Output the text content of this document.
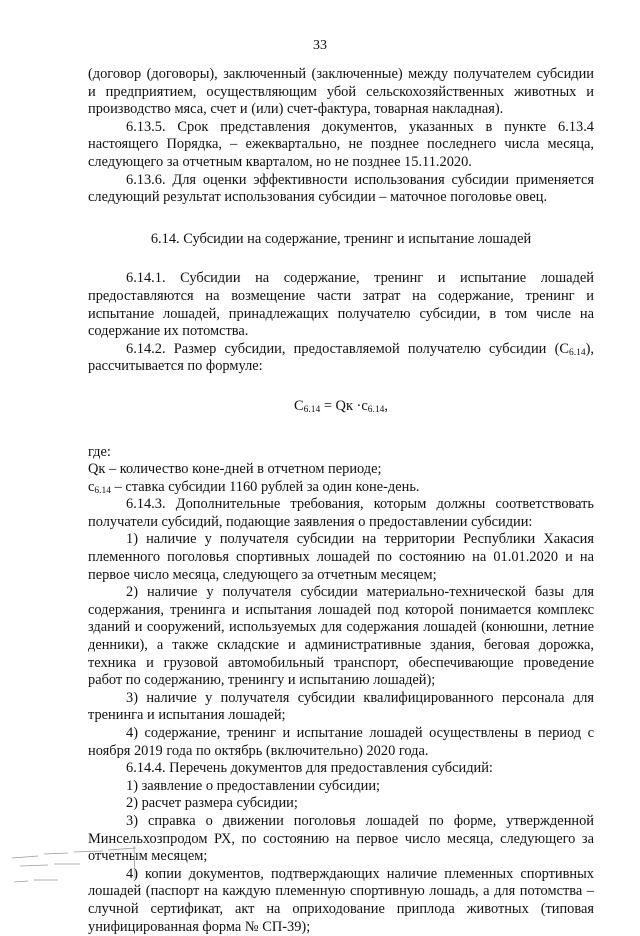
33

(договор (договоры), заключенный (заключенные) между получателем субсидии и предприятием, осуществляющим убой сельскохозяйственных животных и производство мяса, счет и (или) счет-фактура, товарная накладная).

6.13.5. Срок представления документов, указанных в пункте 6.13.4 настоящего Порядка, – ежеквартально, не позднее последнего числа месяца, следующего за отчетным кварталом, но не позднее 15.11.2020.

6.13.6. Для оценки эффективности использования субсидии применяется следующий результат использования субсидии – маточное поголовье овец.

6.14. Субсидии на содержание, тренинг и испытание лошадей

6.14.1. Субсидии на содержание, тренинг и испытание лошадей предоставляются на возмещение части затрат на содержание, тренинг и испытание лошадей, принадлежащих получателю субсидии, в том числе на содержание их потомства.

6.14.2. Размер субсидии, предоставляемой получателю субсидии $(С_{6.14})$, рассчитывается по формуле:

$С_{6.14}$ = Qк $\cdot с_{6.14}$,

где:

Qк – количество коне-дней в отчетном периоде;

$с_{6.14}$ – ставка субсидии 1160 рублей за один коне-день.

6.14.3. Дополнительные требования, которым должны соответствовать получатели субсидий, подающие заявления о предоставлении субсидии:

1) наличие у получателя субсидии на территории Республики Хакасия племенного поголовья спортивных лошадей по состоянию на 01.01.2020 и на первое число месяца, следующего за отчетным месяцем;

2) наличие у получателя субсидии материально-технической базы для содержания, тренинга и испытания лошадей под которой понимается комплекс зданий и сооружений, используемых для содержания лошадей (конюшни, летние денники), а также складские и административные здания, беговая дорожка, техника и грузовой автомобильный транспорт, обеспечивающие проведение работ по содержанию, тренингу и испытанию лошадей);

3) наличие у получателя субсидии квалифицированного персонала для тренинга и испытания лошадей;

4) содержание, тренинг и испытание лошадей осуществлены в период с ноября 2019 года по октябрь (включительно) 2020 года.

6.14.4. Перечень документов для предоставления субсидий:

1) заявление о предоставлении субсидии;

2) расчет размера субсидии;

3) справка о движении поголовья лошадей по форме, утвержденной Минсельхозпродом РХ, по состоянию на первое число месяца, следующего за отчетным месяцем;

4) копии документов, подтверждающих наличие племенных спортивных лошадей (паспорт на каждую племенную спортивную лошадь, а для потомства – случной сертификат, акт на оприходование приплода животных (типовая унифицированная форма № СП-39);
